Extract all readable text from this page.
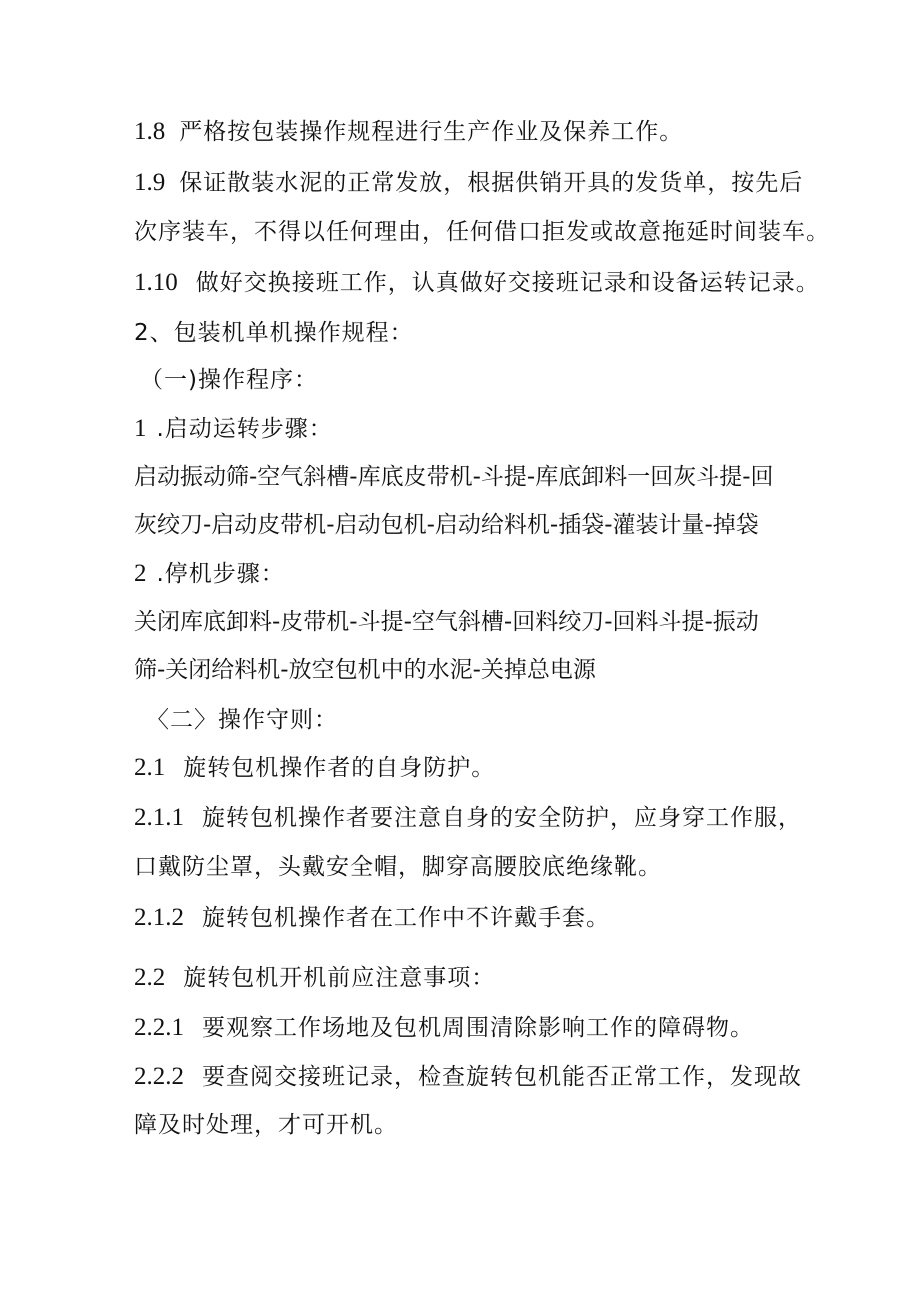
1.8 严格按包装操作规程进行生产作业及保养工作。
1.9 保证散装水泥的正常发放，根据供销开具的发货单，按先后
次序装车，不得以任何理由，任何借口拒发或故意拖延时间装车。
1.10 做好交换接班工作，认真做好交接班记录和设备运转记录。
2、包装机单机操作规程：
（一)操作程序：
1 .启动运转步骤：
启动振动筛-空气斜槽-库底皮带机-斗提-库底卸料一回灰斗提-回
灰绞刀-启动皮带机-启动包机-启动给料机-插袋-灌装计量-掉袋
2 .停机步骤：
关闭库底卸料-皮带机-斗提-空气斜槽-回料绞刀-回料斗提-振动
筛-关闭给料机-放空包机中的水泥-关掉总电源
〈二〉操作守则：
2.1 旋转包机操作者的自身防护。
2.1.1 旋转包机操作者要注意自身的安全防护，应身穿工作服，
口戴防尘罩，头戴安全帽，脚穿高腰胶底绝缘靴。
2.1.2 旋转包机操作者在工作中不许戴手套。
2.2 旋转包机开机前应注意事项：
2.2.1 要观察工作场地及包机周围清除影响工作的障碍物。
2.2.2 要查阅交接班记录，检查旋转包机能否正常工作，发现故
障及时处理，才可开机。
